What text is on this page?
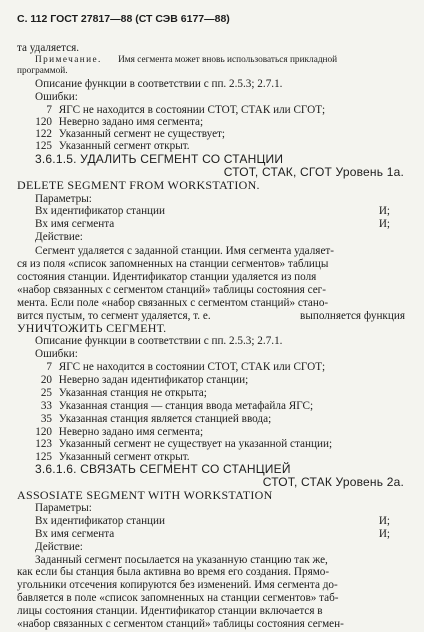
С. 112 ГОСТ 27817—88 (СТ СЭВ 6177—88)
та удаляется.
Примечание. Имя сегмента может вновь использоваться прикладной
программой.
Описание функции в соответствии с пп. 2.5.3; 2.7.1.
Ошибки:
7 ЯГС не находится в состоянии СТОТ, СТАК или СГОТ;
120 Неверно задано имя сегмента;
122 Указанный сегмент не существует;
125 Указанный сегмент открыт.
3.6.1.5. УДАЛИТЬ СЕГМЕНТ СО СТАНЦИИ
СТОТ, СТАК, СГОТ Уровень 1а.
DELETE SEGMENT FROM WORKSTATION.
Параметры:
Вх идентификатор станции	И;
Вх имя сегмента	И;
Действие:
Сегмент удаляется с заданной станции. Имя сегмента удаляет-
ся из поля «список запомненных на станции сегментов» таблицы
состояния станции. Идентификатор станции удаляется из поля
«набор связанных с сегментом станций» таблицы состояния сег-
мента. Если поле «набор связанных с сегментом станций» стано-
вится пустым, то сегмент удаляется, т. е.	выполняется функция
УНИЧТОЖИТЬ СЕГМЕНТ.
Описание функции в соответствии с пп. 2.5.3; 2.7.1.
Ошибки:
7 ЯГС не находится в состоянии СТОТ, СТАК или СГОТ;
20 Неверно задан идентификатор станции;
25 Указанная станция не открыта;
33 Указанная станция — станция ввода метафайла ЯГС;
35 Указанная станция является станцией ввода;
120 Неверно задано имя сегмента;
123 Указанный сегмент не существует на указанной станции;
125 Указанный сегмент открыт.
3.6.1.6. СВЯЗАТЬ СЕГМЕНТ СО СТАНЦИЕЙ
СТОТ, СТАК Уровень 2а.
ASSOSIATE SEGMENT WITH WORKSTATION
Параметры:
Вх идентификатор станции	И;
Вх имя сегмента	И;
Действие:
Заданный сегмент посылается на указанную станцию так же,
как если бы станция была активна во время его создания. Прямо-
угольники отсечения копируются без изменений. Имя сегмента до-
бавляется в поле «список запомненных на станции сегментов» таб-
лицы состояния станции. Идентификатор станции включается в
«набор связанных с сегментом станций» таблицы состояния сегмен-
